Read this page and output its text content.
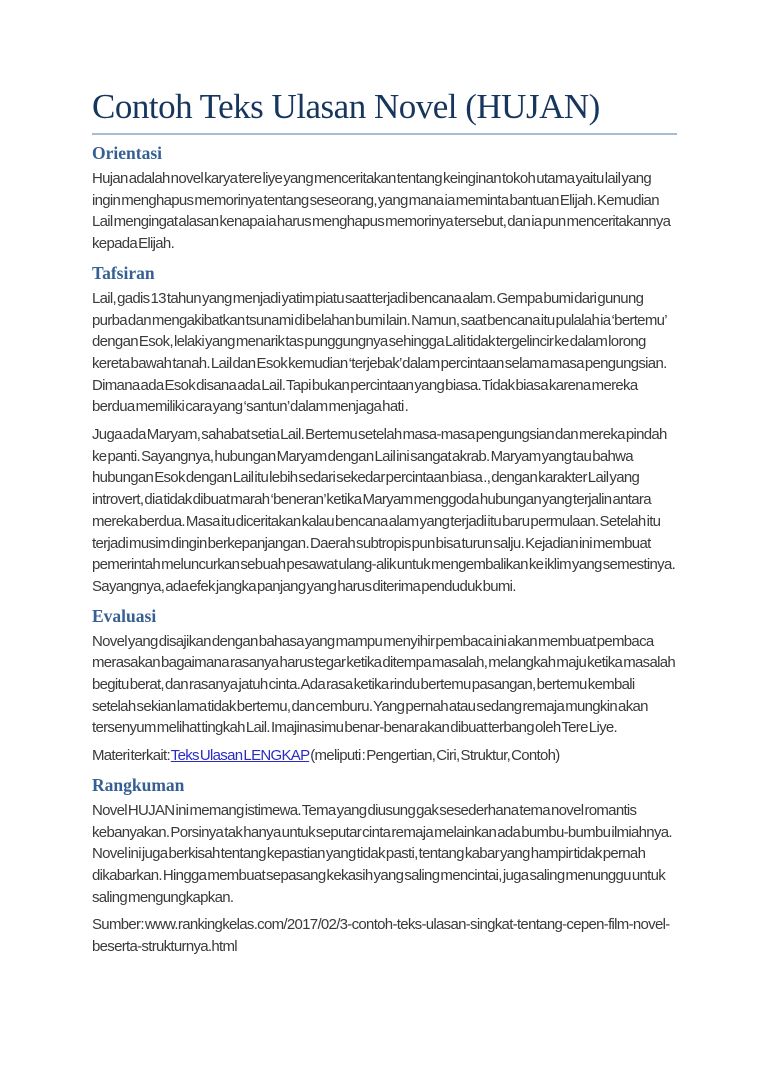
Contoh Teks Ulasan Novel (HUJAN)
Orientasi

Hujan adalah novel karya tere liye yang menceritakan tentang keinginan tokoh utama yaitu lail yang ingin menghapus memorinya tentang seseorang, yang mana ia meminta bantuan Elijah. Kemudian Lail mengingat alasan kenapa ia harus menghapus memorinya tersebut, dan ia pun menceritakannya kepada Elijah.

Tafsiran

Lail, gadis 13 tahun yang menjadi yatim piatu saat terjadi bencana alam. Gempa bumi dari gunung purba dan mengakibatkan tsunami di belahan bumi lain. Namun, saat bencana itu pulalah ia ‘bertemu’ dengan Esok, lelaki yang menarik tas punggungnya sehingga Lali tidak tergelincir ke dalam lorong kereta bawah tanah. Lail dan Esok kemudian ‘terjebak’ dalam percintaan selama masa pengungsian. Dimana ada Esok disana ada Lail. Tapi bukan percintaan yang biasa. Tidak biasa karena mereka berdua memiliki cara yang ‘santun’ dalam menjaga hati .

Juga ada Maryam, sahabat setia Lail. Bertemu setelah masa-masa pengungsian dan mereka pindah ke panti. Sayangnya, hubungan Maryam dengan Lail ini sangat akrab. Maryam yang tau bahwa hubungan Esok dengan Lail itu lebih sedari sekedar percintaan biasa ., dengan karakter Lail yang introvert, dia tidak dibuat marah ‘beneran’ ketika Maryam menggoda hubungan yang terjalin antara mereka berdua. Masa itu diceritakan kalau bencana alam yang terjadi itu baru permulaan. Setelah itu terjadi musim dingin berkepanjangan. Daerah subtropis pun bisa turun salju. Kejadian ini membuat pemerintah meluncurkan sebuah pesawat ulang-alik untuk mengembalikan ke iklim yang semestinya. Sayangnya, ada efek jangka panjang yang harus diterima penduduk bumi.

Evaluasi

Novel yang disajikan dengan bahasa yang mampu menyihir pembaca ini akan membuat pembaca merasakan bagaimana rasanya harus tegar ketika ditempa masalah, melangkah maju ketika masalah begitu berat, dan rasanya jatuh cinta. Ada rasa ketika rindu bertemu pasangan, bertemu kembali setelah sekian lama tidak bertemu, dan cemburu. Yang pernah atau sedang remaja mungkin akan tersenyum melihat tingkah Lail. Imajinasimu benar-benar akan dibuat terbang oleh Tere Liye.

Materi terkait: Teks Ulasan LENGKAP (meliputi : Pengertian, Ciri, Struktur, Contoh)

Rangkuman

Novel HUJAN ini memang istimewa. Tema yang diusung gak sesederhana tema novel romantis kebanyakan. Porsinya tak hanya untuk seputar cinta remaja melainkan ada bumbu-bumbu ilmiahnya. Novel ini juga berkisah tentang kepastian yang tidak pasti, tentang kabar yang hampir tidak pernah dikabarkan. Hingga membuat sepasang kekasih yang saling mencintai, juga saling menunggu untuk saling mengungkapkan.

Sumber: www.rankingkelas.com/2017/02/3-contoh-teks-ulasan-singkat-tentang-cepen-film-novel-beserta-strukturnya.html
